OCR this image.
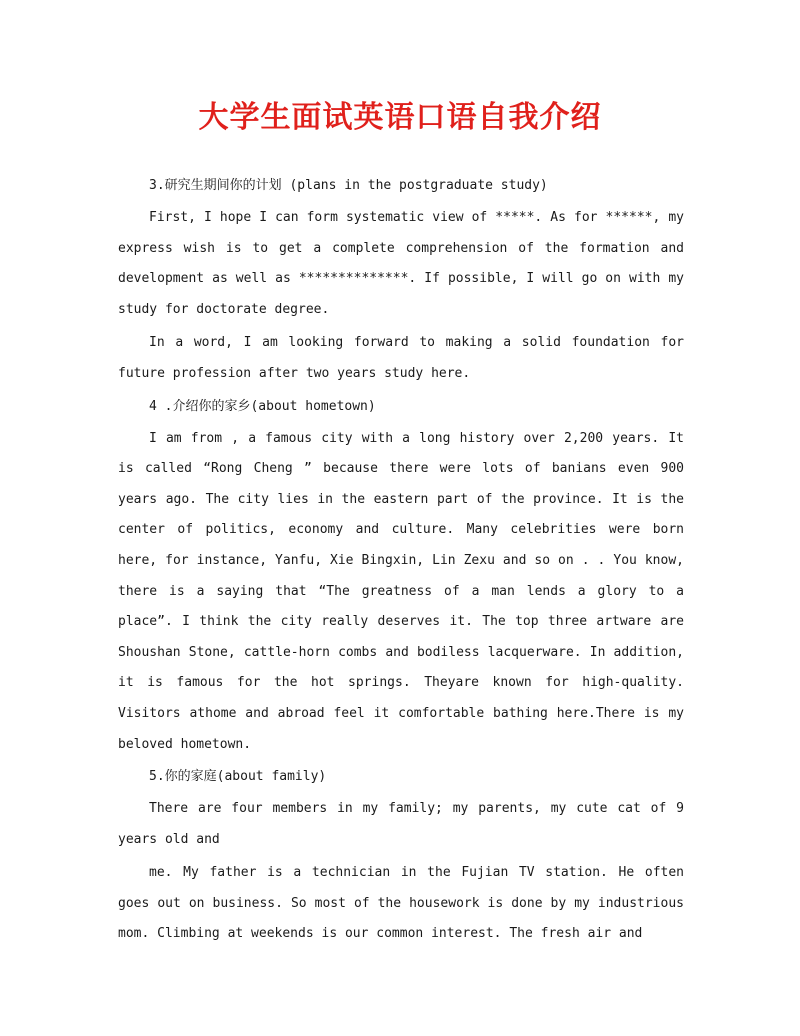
大学生面试英语口语自我介绍

3.研究生期间你的计划 (plans in the postgraduate study)

First, I hope I can form systematic view of *****. As for ******, my express wish is to get a complete comprehension of the formation and development as well as **************. If possible, I will go on with my study for doctorate degree.

In a word, I am looking forward to making a solid foundation for future profession after two years study here.

4 .介绍你的家乡(about hometown)

I am from , a famous city with a long history over 2,200 years. It is called “Rong Cheng ” because there were lots of banians even 900 years ago. The city lies in the eastern part of the province. It is the center of politics, economy and culture. Many celebrities were born here, for instance, Yanfu, Xie Bingxin, Lin Zexu and so on . . You know, there is a saying that “The greatness of a man lends a glory to a place”. I think the city really deserves it. The top three artware are Shoushan Stone, cattle-horn combs and bodiless lacquerware. In addition, it is famous for the hot springs. Theyare known for high-quality. Visitors athome and abroad feel it comfortable bathing here.There is my beloved hometown.

5.你的家庭(about family)

There are four members in my family; my parents, my cute cat of 9 years old and

me. My father is a technician in the Fujian TV station. He often goes out on business. So most of the housework is done by my industrious mom. Climbing at weekends is our common interest. The fresh air and
